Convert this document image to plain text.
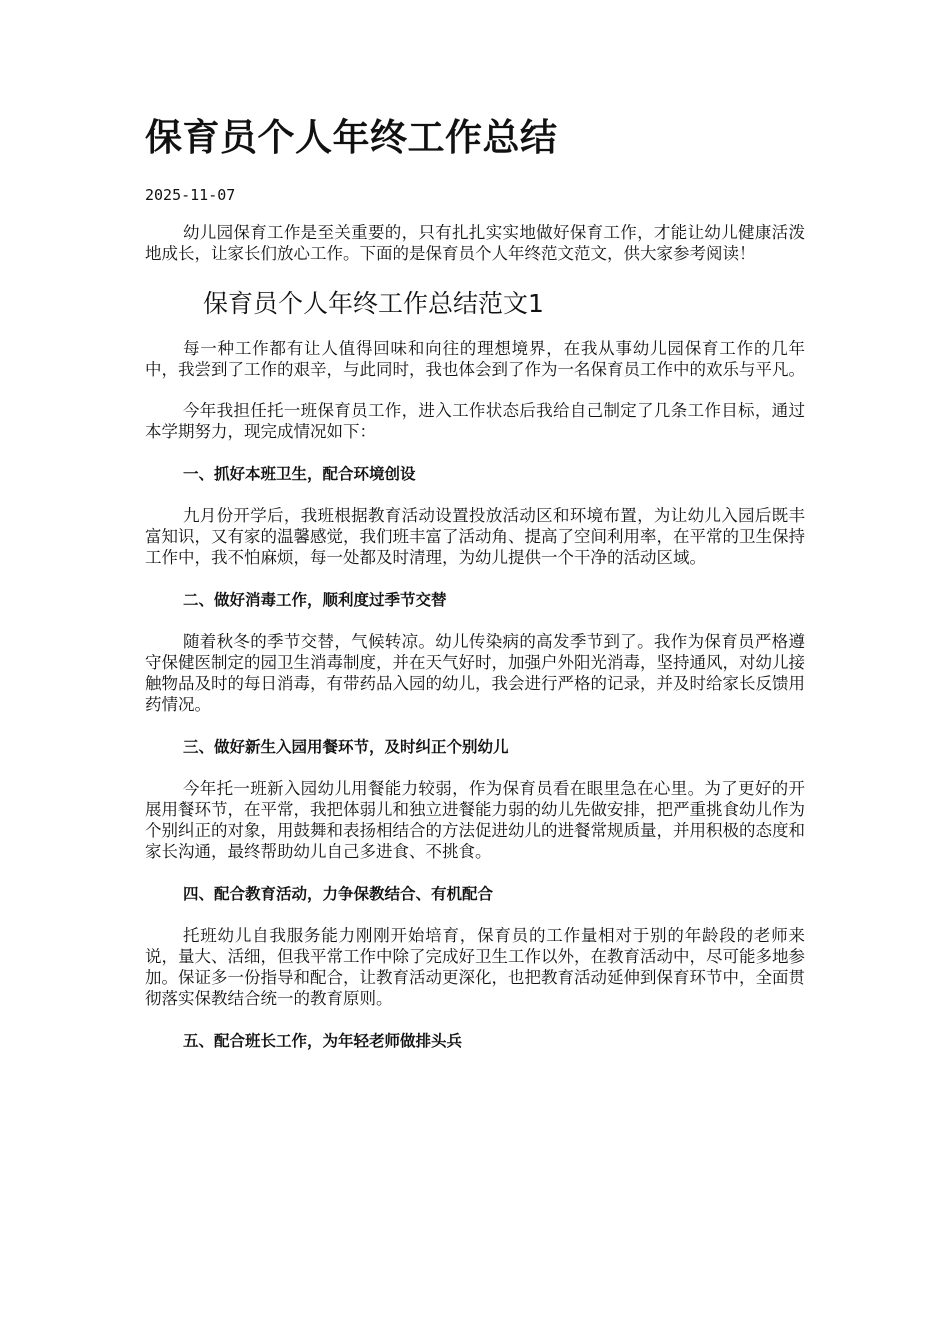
保育员个人年终工作总结
2025-11-07

幼儿园保育工作是至关重要的，只有扎扎实实地做好保育工作，才能让幼儿健康活泼地成长，让家长们放心工作。下面的是保育员个人年终范文范文，供大家参考阅读！

保育员个人年终工作总结范文1

每一种工作都有让人值得回味和向往的理想境界，在我从事幼儿园保育工作的几年中，我尝到了工作的艰辛，与此同时，我也体会到了作为一名保育员工作中的欢乐与平凡。

今年我担任托一班保育员工作，进入工作状态后我给自己制定了几条工作目标，通过本学期努力，现完成情况如下：

一、抓好本班卫生，配合环境创设

九月份开学后，我班根据教育活动设置投放活动区和环境布置，为让幼儿入园后既丰富知识，又有家的温馨感觉，我们班丰富了活动角、提高了空间利用率，在平常的卫生保持工作中，我不怕麻烦，每一处都及时清理，为幼儿提供一个干净的活动区域。

二、做好消毒工作，顺利度过季节交替

随着秋冬的季节交替，气候转凉。幼儿传染病的高发季节到了。我作为保育员严格遵守保健医制定的园卫生消毒制度，并在天气好时，加强户外阳光消毒，坚持通风，对幼儿接触物品及时的每日消毒，有带药品入园的幼儿，我会进行严格的记录，并及时给家长反馈用药情况。

三、做好新生入园用餐环节，及时纠正个别幼儿

今年托一班新入园幼儿用餐能力较弱，作为保育员看在眼里急在心里。为了更好的开展用餐环节，在平常，我把体弱儿和独立进餐能力弱的幼儿先做安排，把严重挑食幼儿作为个别纠正的对象，用鼓舞和表扬相结合的方法促进幼儿的进餐常规质量，并用积极的态度和家长沟通，最终帮助幼儿自己多进食、不挑食。

四、配合教育活动，力争保教结合、有机配合

托班幼儿自我服务能力刚刚开始培育，保育员的工作量相对于别的年龄段的老师来说，量大、活细，但我平常工作中除了完成好卫生工作以外，在教育活动中，尽可能多地参加。保证多一份指导和配合，让教育活动更深化，也把教育活动延伸到保育环节中，全面贯彻落实保教结合统一的教育原则。

五、配合班长工作，为年轻老师做排头兵
